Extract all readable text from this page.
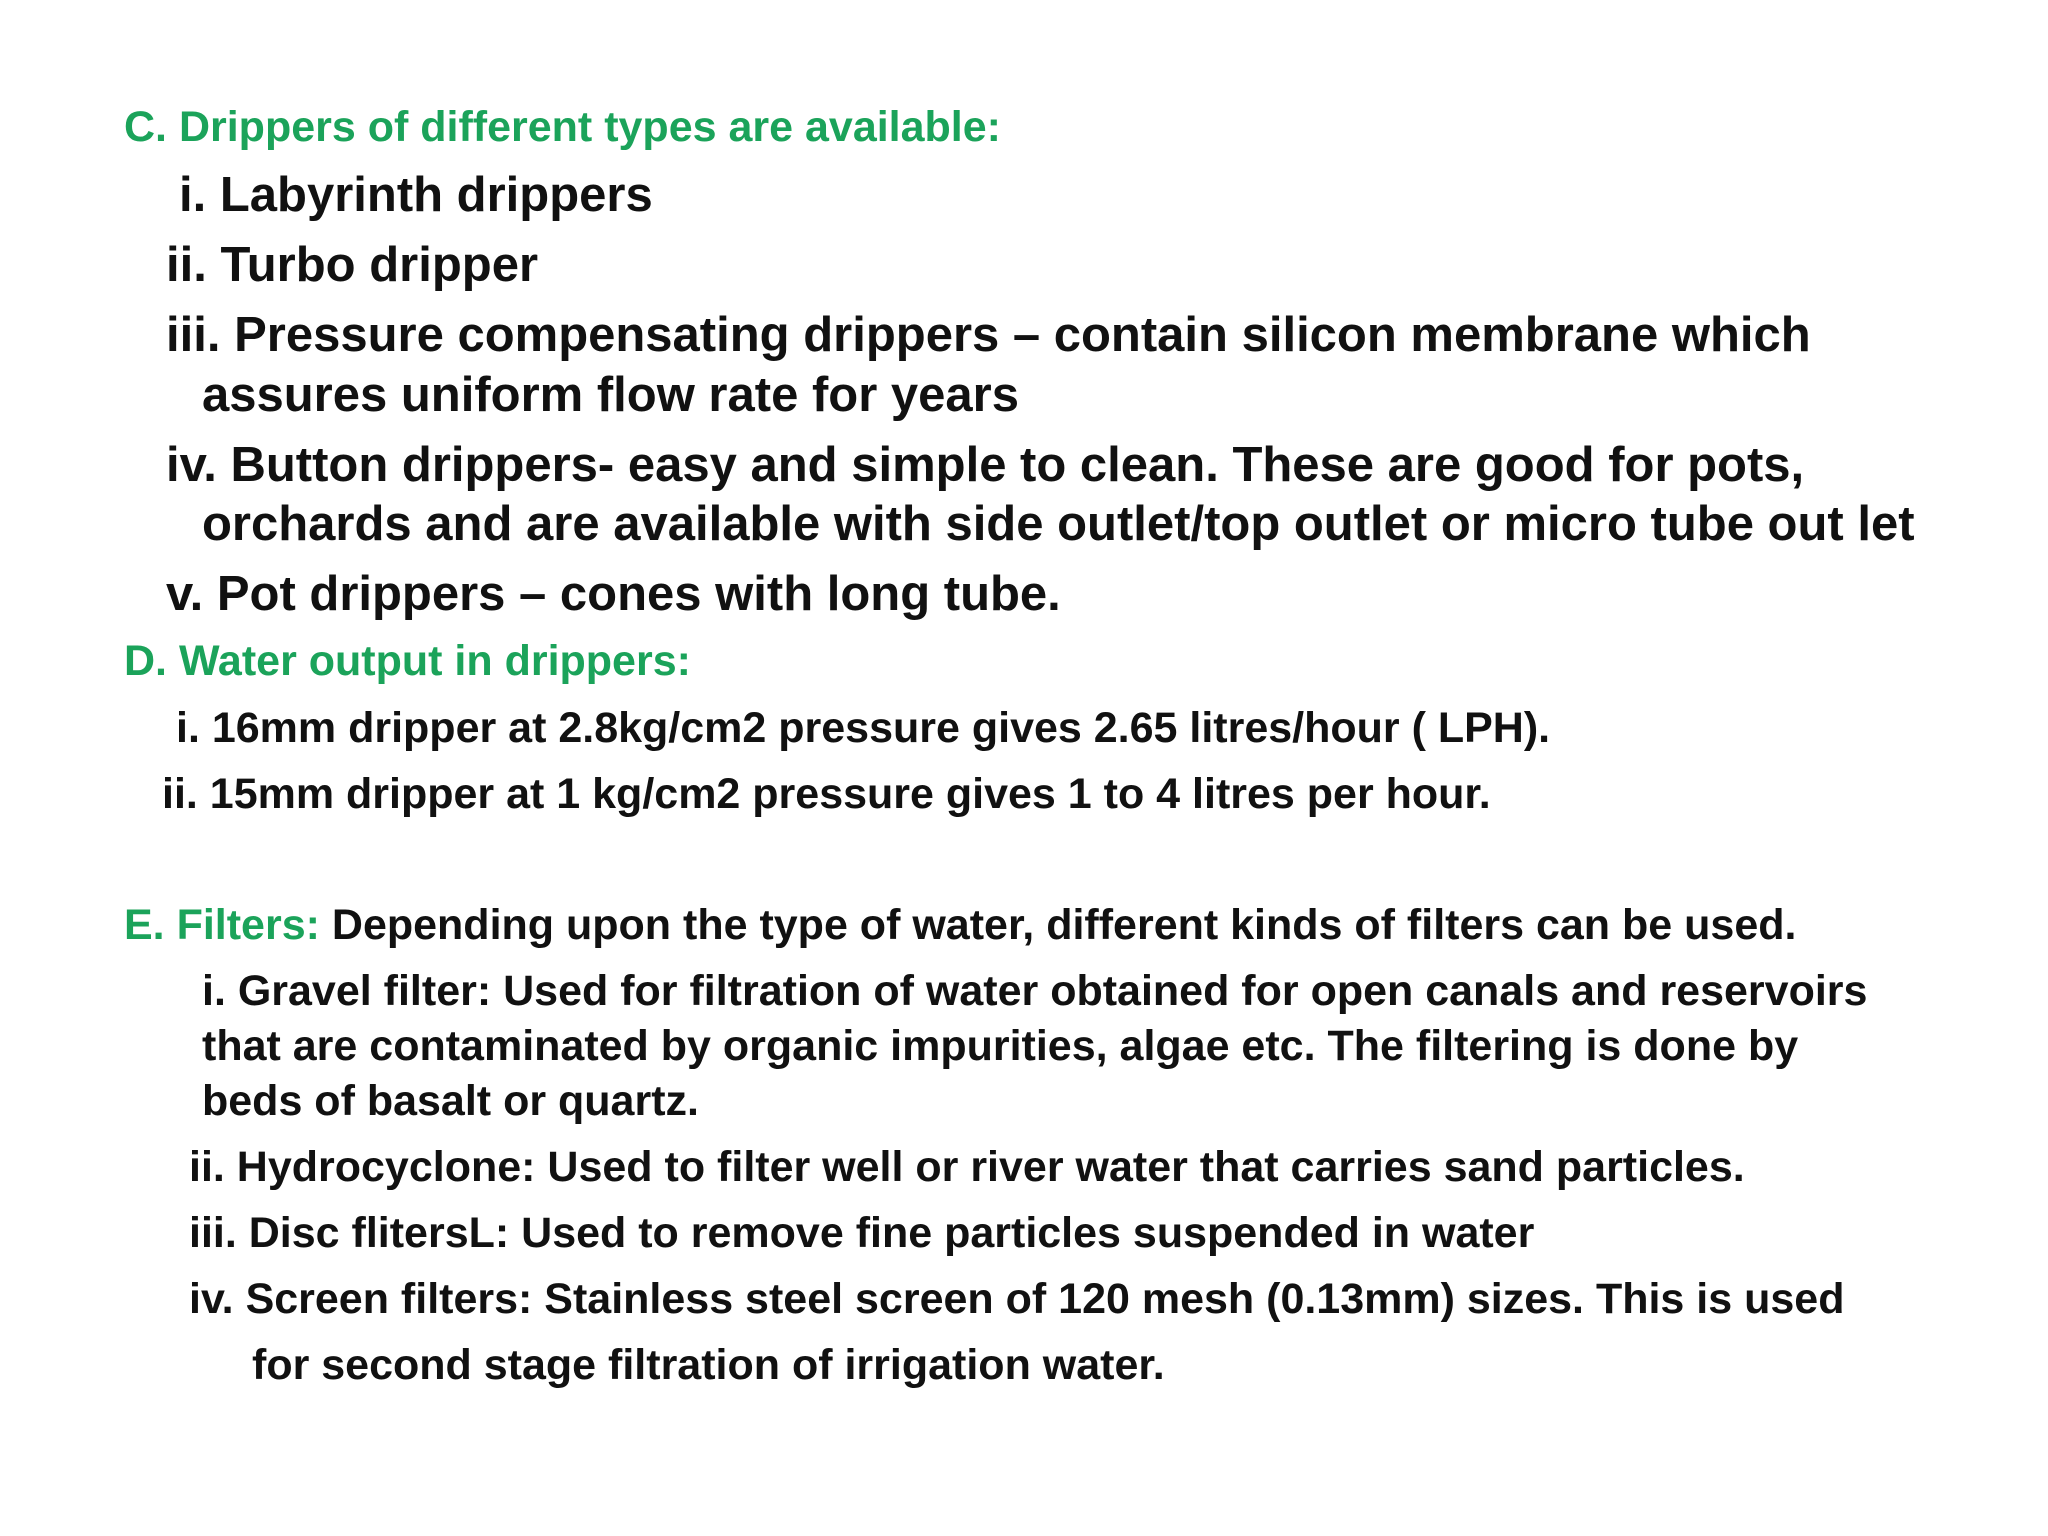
C. Drippers of different types are available:
i. Labyrinth drippers
ii. Turbo dripper
iii. Pressure compensating drippers – contain silicon membrane which
assures uniform flow rate for years
iv. Button drippers- easy and simple to clean. These are good for pots,
orchards and are available with side outlet/top outlet or micro tube out let
v. Pot drippers – cones with long tube.
D. Water output in drippers:
i. 16mm dripper at 2.8kg/cm2 pressure gives 2.65 litres/hour ( LPH).
ii. 15mm dripper at 1 kg/cm2 pressure gives 1 to 4 litres per hour.
E. Filters: Depending upon the type of water, different kinds of filters can be used.
i. Gravel filter: Used for filtration of water obtained for open canals and reservoirs
that are contaminated by organic impurities, algae etc. The filtering is done by
beds of basalt or quartz.
ii. Hydrocyclone: Used to filter well or river water that carries sand particles.
iii. Disc flitersL: Used to remove fine particles suspended in water
iv. Screen filters: Stainless steel screen of 120 mesh (0.13mm) sizes. This is used
for second stage filtration of irrigation water.
